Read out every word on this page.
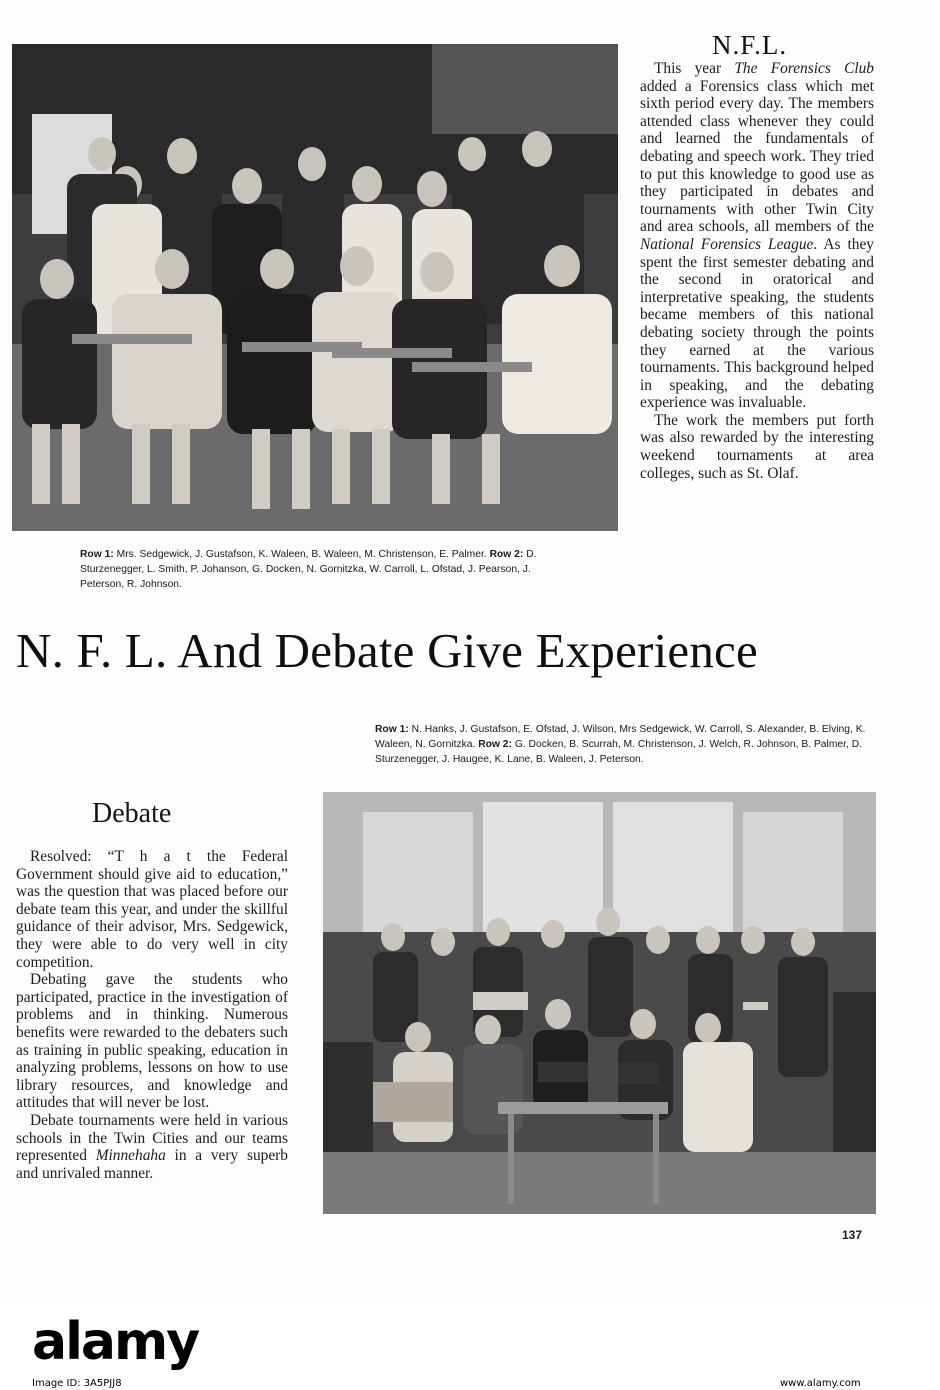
N.F.L.

This year The Forensics Club added a Forensics class which met sixth period every day. The members attended class whenever they could and learned the fundamentals of debating and speech work. They tried to put this knowledge to good use as they participated in debates and tournaments with other Twin City and area schools, all members of the National Forensics League. As they spent the first semester debating and the second in oratorical and interpretative speaking, the students became members of this national debating society through the points they earned at the various tournaments. This background helped in speaking, and the debating experience was invaluable.

The work the members put forth was also rewarded by the interesting weekend tournaments at area colleges, such as St. Olaf.

Row 1: Mrs. Sedgewick, J. Gustafson, K. Waleen, B. Waleen, M. Christenson, E. Palmer. Row 2: D. Sturzenegger, L. Smith, P. Johanson, G. Docken, N. Gornitzka, W. Carroll, L. Ofstad, J. Pearson, J. Peterson, R. Johnson.
N. F. L. And Debate Give Experience
Row 1: N. Hanks, J. Gustafson, E. Ofstad, J. Wilson, Mrs Sedgewick, W. Carroll, S. Alexander, B. Elving, K. Waleen, N. Gornitzka. Row 2: G. Docken, B. Scurrah, M. Christenson, J. Welch, R. Johnson, B. Palmer, D. Sturzenegger, J. Haugee, K. Lane, B. Waleen, J. Peterson.
Debate

Resolved: “T h a t the Federal Government should give aid to education,” was the question that was placed before our debate team this year, and under the skillful guidance of their advisor, Mrs. Sedgewick, they were able to do very well in city competition.

Debating gave the students who participated, practice in the investigation of problems and in thinking. Numerous benefits were rewarded to the debaters such as training in public speaking, education in analyzing problems, lessons on how to use library resources, and knowledge and attitudes that will never be lost.

Debate tournaments were held in various schools in the Twin Cities and our teams represented Minnehaha in a very superb and unrivaled manner.

137
alamy
Image ID: 3A5PJJ8	www.alamy.com
